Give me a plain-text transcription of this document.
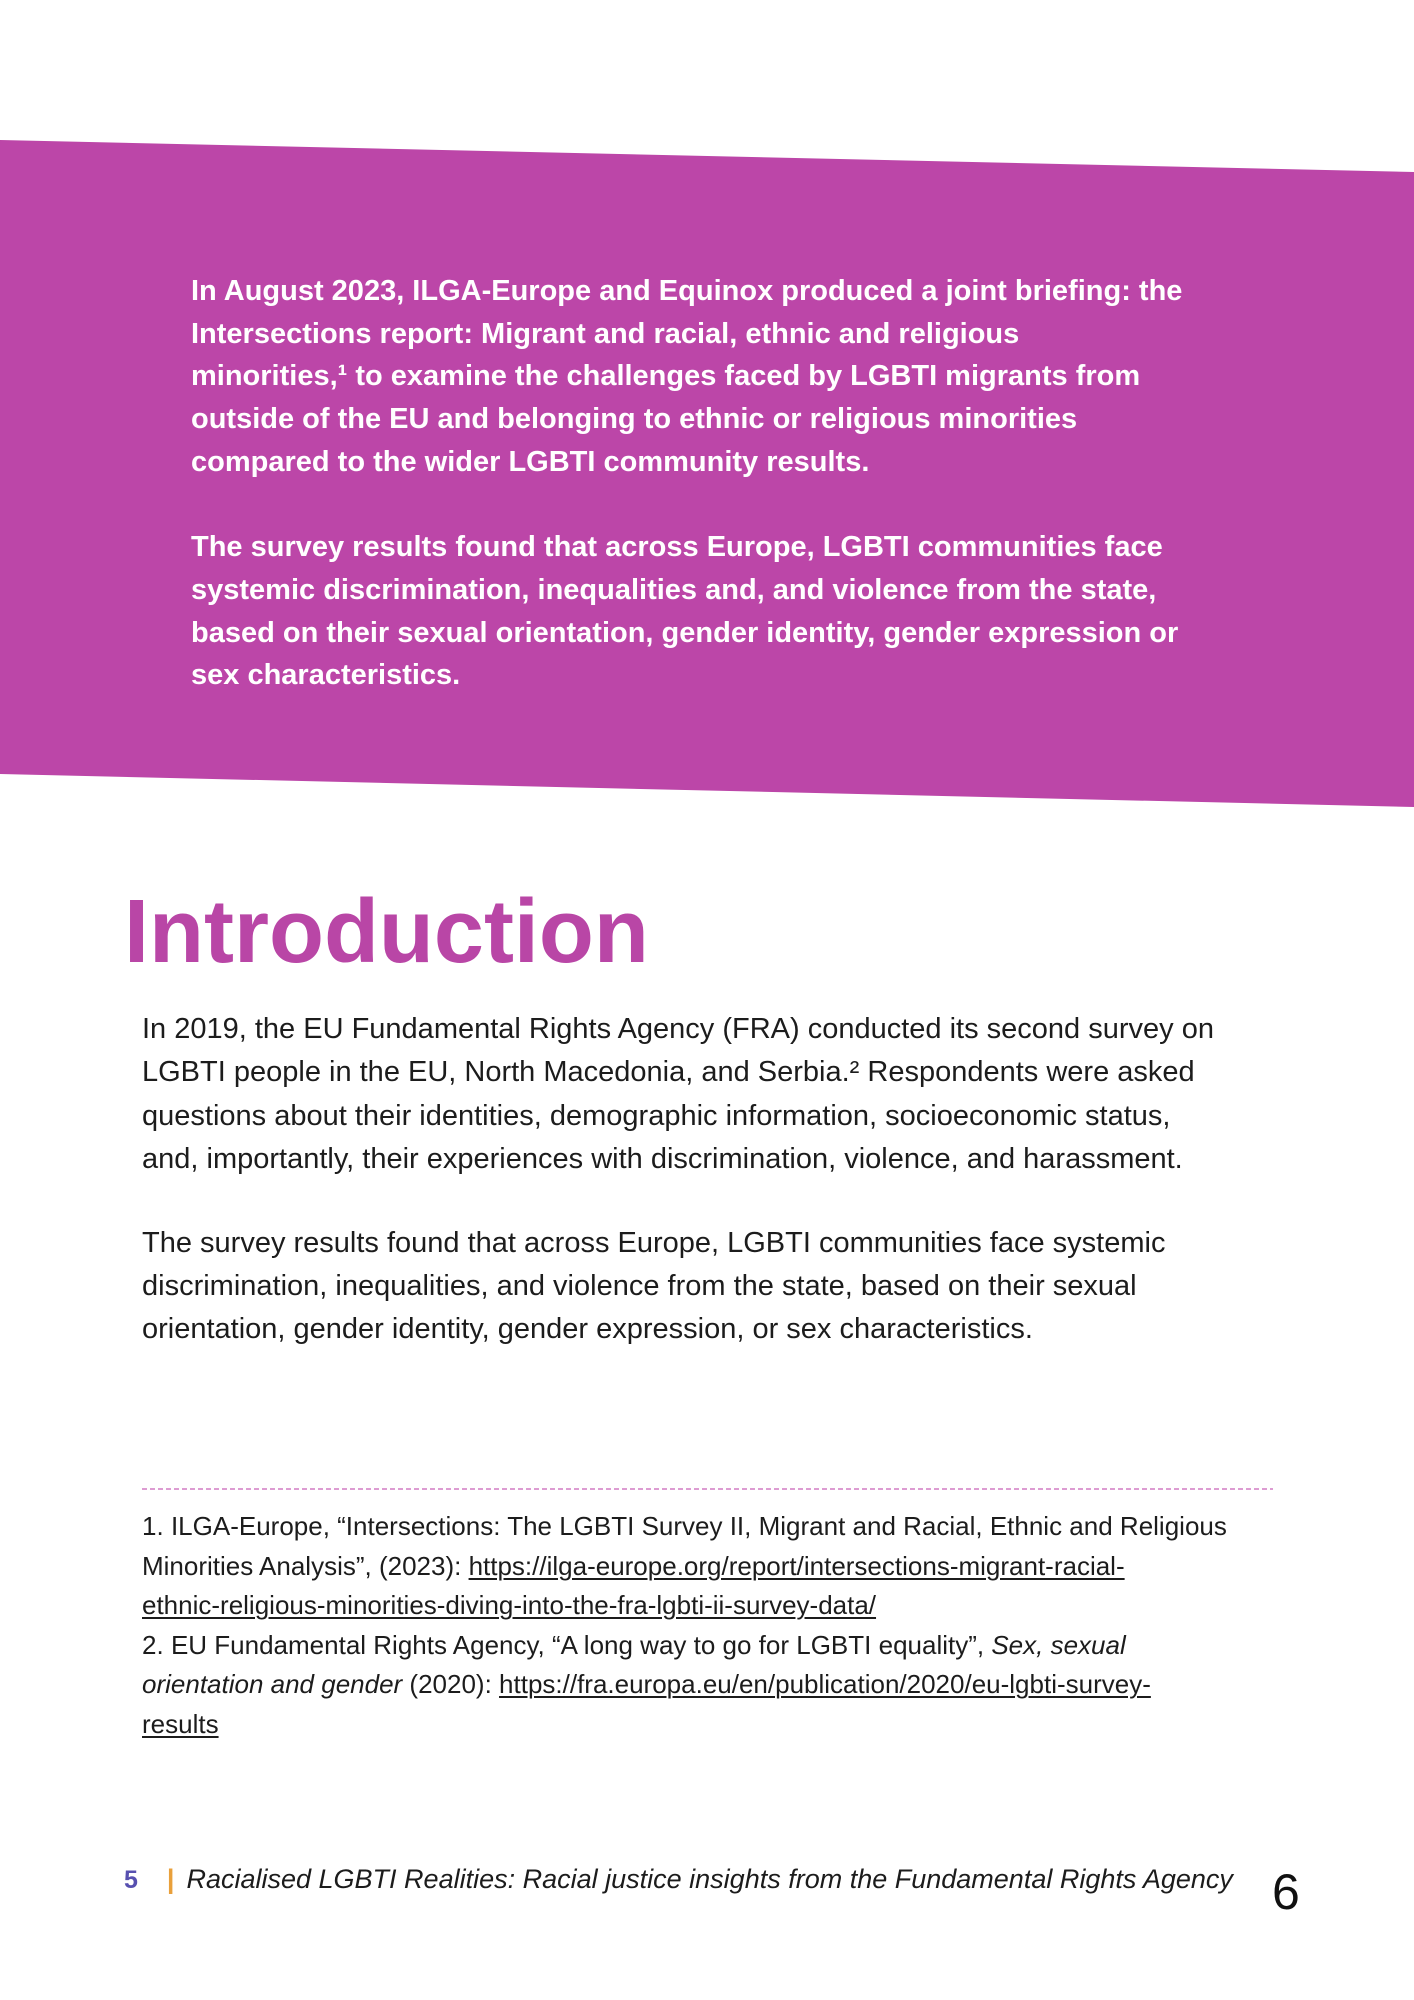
In August 2023, ILGA-Europe and Equinox produced a joint briefing: the
Intersections report: Migrant and racial, ethnic and religious
minorities,¹ to examine the challenges faced by LGBTI migrants from
outside of the EU and belonging to ethnic or religious minorities
compared to the wider LGBTI community results.

The survey results found that across Europe, LGBTI communities face
systemic discrimination, inequalities and, and violence from the state,
based on their sexual orientation, gender identity, gender expression or
sex characteristics.

Introduction

In 2019, the EU Fundamental Rights Agency (FRA) conducted its second survey on
LGBTI people in the EU, North Macedonia, and Serbia.² Respondents were asked
questions about their identities, demographic information, socioeconomic status,
and, importantly, their experiences with discrimination, violence, and harassment.

The survey results found that across Europe, LGBTI communities face systemic
discrimination, inequalities, and violence from the state, based on their sexual
orientation, gender identity, gender expression, or sex characteristics.

1. ILGA-Europe, “Intersections: The LGBTI Survey II, Migrant and Racial, Ethnic and Religious
Minorities Analysis”, (2023): https://ilga-europe.org/report/intersections-migrant-racial-
ethnic-religious-minorities-diving-into-the-fra-lgbti-ii-survey-data/
2. EU Fundamental Rights Agency, “A long way to go for LGBTI equality”, Sex, sexual
orientation and gender (2020): https://fra.europa.eu/en/publication/2020/eu-lgbti-survey-
results
5 | Racialised LGBTI Realities: Racial justice insights from the Fundamental Rights Agency 6
